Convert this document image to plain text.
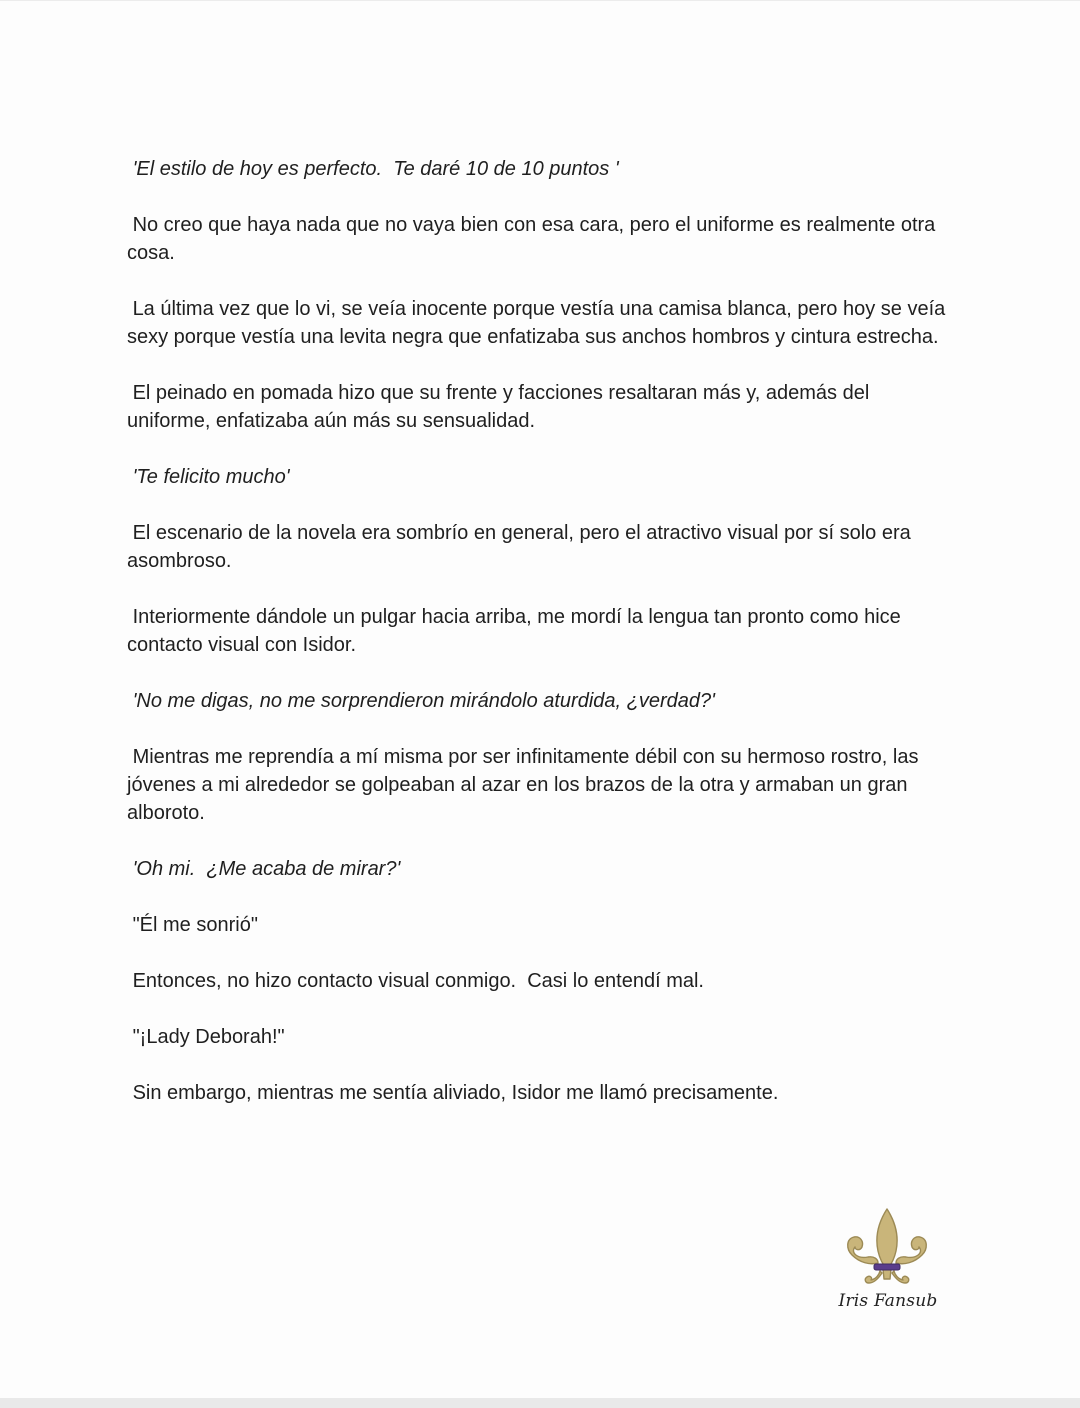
'El estilo de hoy es perfecto.  Te daré 10 de 10 puntos '

No creo que haya nada que no vaya bien con esa cara, pero el uniforme es realmente otra cosa.

La última vez que lo vi, se veía inocente porque vestía una camisa blanca, pero hoy se veía sexy porque vestía una levita negra que enfatizaba sus anchos hombros y cintura estrecha.

El peinado en pomada hizo que su frente y facciones resaltaran más y, además del uniforme, enfatizaba aún más su sensualidad.

'Te felicito mucho'

El escenario de la novela era sombrío en general, pero el atractivo visual por sí solo era asombroso.

Interiormente dándole un pulgar hacia arriba, me mordí la lengua tan pronto como hice contacto visual con Isidor.

'No me digas, no me sorprendieron mirándolo aturdida, ¿verdad?'

Mientras me reprendía a mí misma por ser infinitamente débil con su hermoso rostro, las jóvenes a mi alrededor se golpeaban al azar en los brazos de la otra y armaban un gran alboroto.

'Oh mi.  ¿Me acaba de mirar?'

"Él me sonrió"

Entonces, no hizo contacto visual conmigo.  Casi lo entendí mal.

"¡Lady Deborah!"

Sin embargo, mientras me sentía aliviado, Isidor me llamó precisamente.

Iris Fansub
